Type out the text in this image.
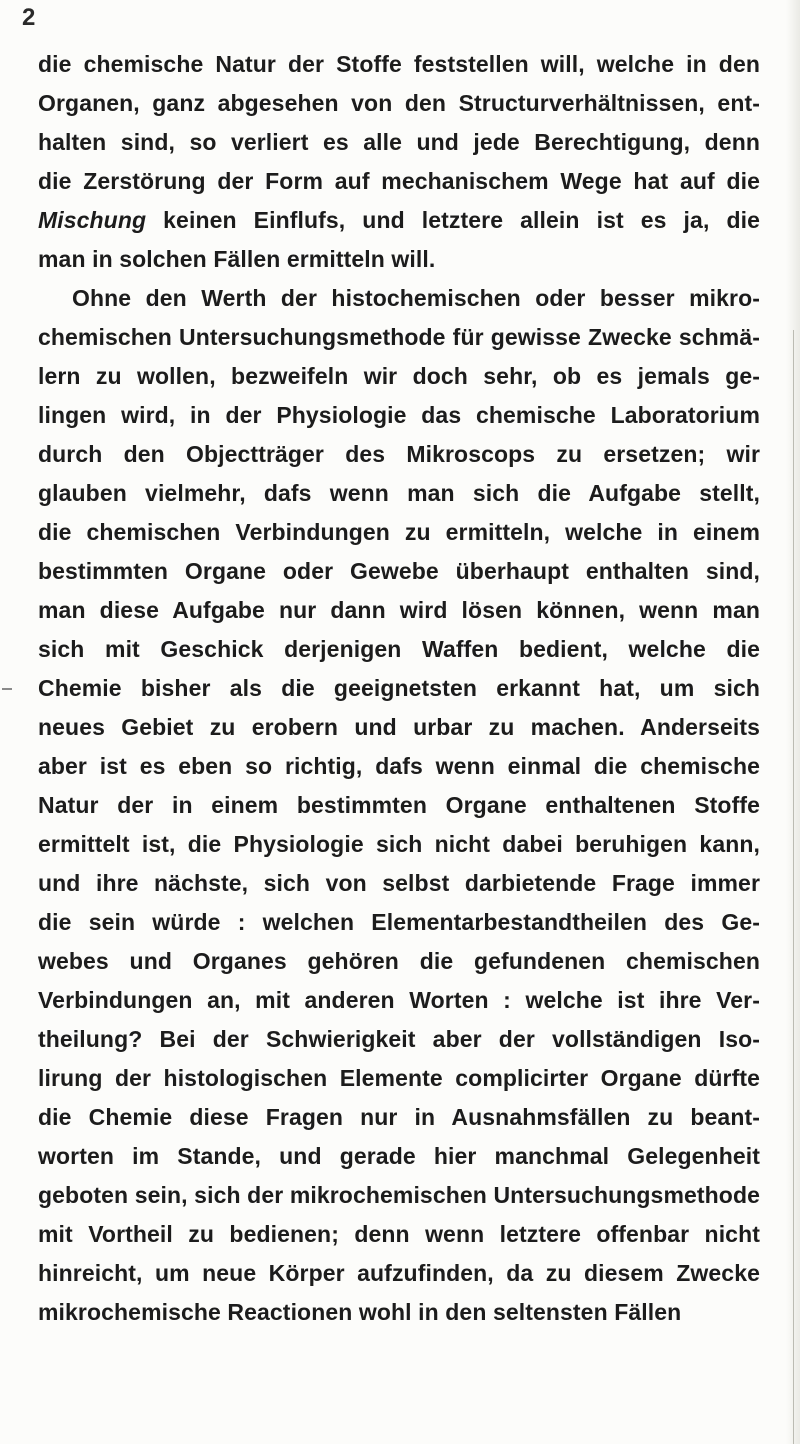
2
die chemische Natur der Stoffe feststellen will, welche in den
Organen, ganz abgesehen von den Structurverhältnissen, ent-
halten sind, so verliert es alle und jede Berechtigung, denn
die Zerstörung der Form auf mechanischem Wege hat auf die
Mischung keinen Einflufs, und letztere allein ist es ja, die
man in solchen Fällen ermitteln will.
Ohne den Werth der histochemischen oder besser mikro-
chemischen Untersuchungsmethode für gewisse Zwecke schmä-
lern zu wollen, bezweifeln wir doch sehr, ob es jemals ge-
lingen wird, in der Physiologie das chemische Laboratorium
durch den Objectträger des Mikroscops zu ersetzen; wir
glauben vielmehr, dafs wenn man sich die Aufgabe stellt,
die chemischen Verbindungen zu ermitteln, welche in einem
bestimmten Organe oder Gewebe überhaupt enthalten sind,
man diese Aufgabe nur dann wird lösen können, wenn man
sich mit Geschick derjenigen Waffen bedient, welche die
Chemie bisher als die geeignetsten erkannt hat, um sich
neues Gebiet zu erobern und urbar zu machen. Anderseits
aber ist es eben so richtig, dafs wenn einmal die chemische
Natur der in einem bestimmten Organe enthaltenen Stoffe
ermittelt ist, die Physiologie sich nicht dabei beruhigen kann,
und ihre nächste, sich von selbst darbietende Frage immer
die sein würde : welchen Elementarbestandtheilen des Ge-
webes und Organes gehören die gefundenen chemischen
Verbindungen an, mit anderen Worten : welche ist ihre Ver-
theilung? Bei der Schwierigkeit aber der vollständigen Iso-
lirung der histologischen Elemente complicirter Organe dürfte
die Chemie diese Fragen nur in Ausnahmsfällen zu beant-
worten im Stande, und gerade hier manchmal Gelegenheit
geboten sein, sich der mikrochemischen Untersuchungsmethode
mit Vortheil zu bedienen; denn wenn letztere offenbar nicht
hinreicht, um neue Körper aufzufinden, da zu diesem Zwecke
mikrochemische Reactionen wohl in den seltensten Fällen
